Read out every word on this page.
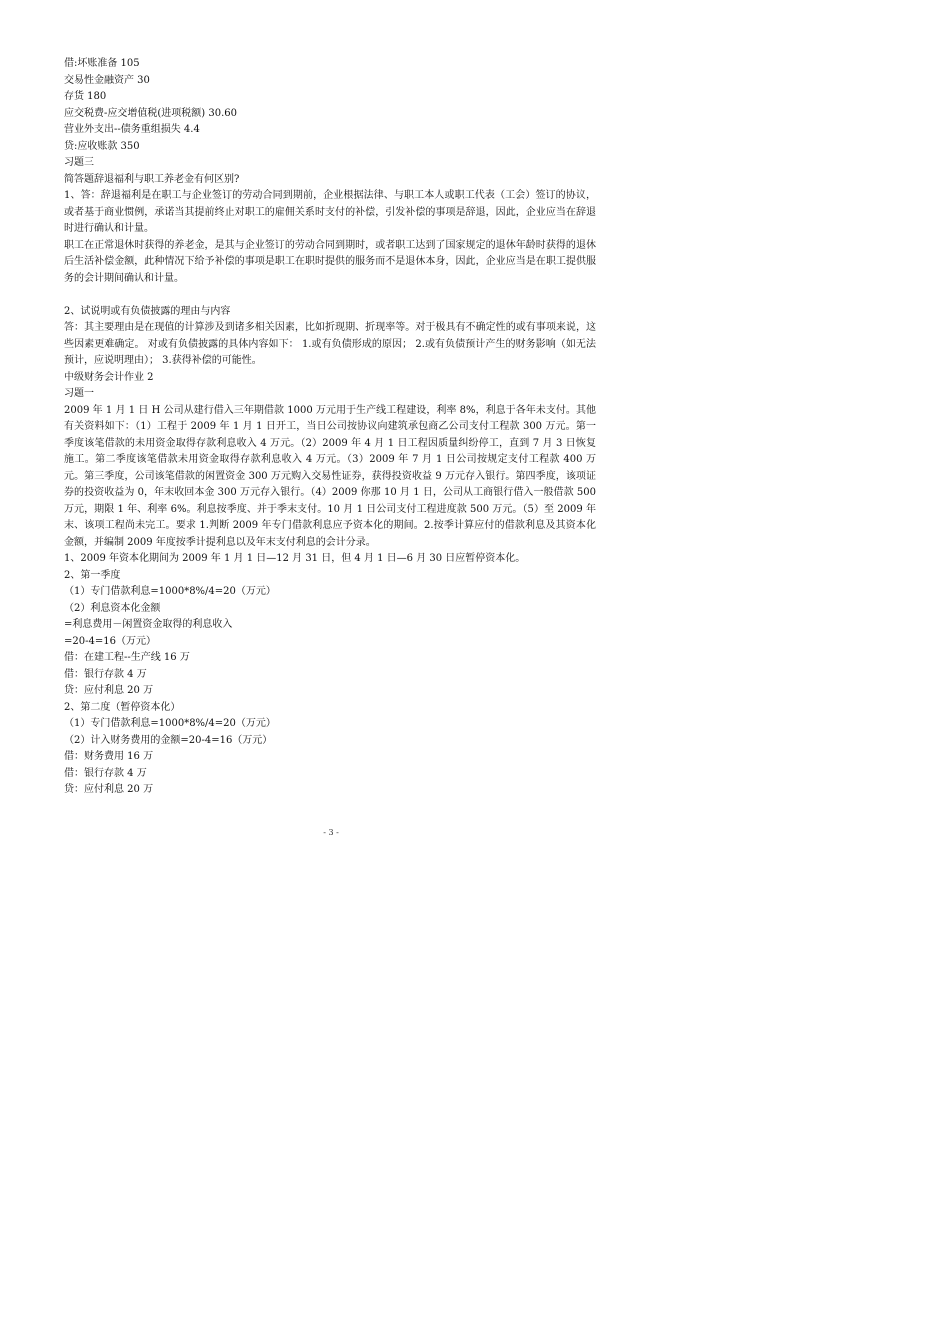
借:坏账准备 105
交易性金融资产 30
存货 180
应交税费-应交增值税(进项税额) 30.60
营业外支出--债务重组损失 4.4
贷:应收账款 350
习题三
简答题辞退福利与职工养老金有何区别?
1、答：辞退福利是在职工与企业签订的劳动合同到期前，企业根据法律、与职工本人或职工代表（工会）签订的协议，或者基于商业惯例，承诺当其提前终止对职工的雇佣关系时支付的补偿，引发补偿的事项是辞退，因此，企业应当在辞退时进行确认和计量。
职工在正常退休时获得的养老金，是其与企业签订的劳动合同到期时，或者职工达到了国家规定的退休年龄时获得的退休后生活补偿金额，此种情况下给予补偿的事项是职工在职时提供的服务而不是退休本身，因此，企业应当是在职工提供服务的会计期间确认和计量。
2、试说明或有负债披露的理由与内容
答：其主要理由是在现值的计算涉及到诸多相关因素，比如折现期、折现率等。对于极具有不确定性的或有事项来说，这些因素更难确定。 对或有负债披露的具体内容如下： 1.或有负债形成的原因； 2.或有负债预计产生的财务影响（如无法预计，应说明理由）； 3.获得补偿的可能性。
中级财务会计作业 2
习题一
2009 年 1 月 1 日 H 公司从建行借入三年期借款 1000 万元用于生产线工程建设，利率 8%，利息于各年未支付。其他有关资料如下：（1）工程于 2009 年 1 月 1 日开工，当日公司按协议向建筑承包商乙公司支付工程款 300 万元。第一季度该笔借款的未用资金取得存款利息收入 4 万元。（2）2009 年 4 月 1 日工程因质量纠纷停工，直到 7 月 3 日恢复施工。第二季度该笔借款未用资金取得存款利息收入 4 万元。（3）2009 年 7 月 1 日公司按规定支付工程款 400 万元。第三季度，公司该笔借款的闲置资金 300 万元购入交易性证券，获得投资收益 9 万元存入银行。第四季度，该项证券的投资收益为 0，年末收回本金 300 万元存入银行。（4）2009 你那 10 月 1 日，公司从工商银行借入一般借款 500 万元，期限 1 年、利率 6%。利息按季度、并于季末支付。10 月 1 日公司支付工程进度款 500 万元。（5）至 2009 年末、该项工程尚未完工。要求 1.判断 2009 年专门借款利息应予资本化的期间。2.按季计算应付的借款利息及其资本化金额，并编制 2009 年度按季计提利息以及年末支付利息的会计分录。
1、2009 年资本化期间为 2009 年 1 月 1 日—12 月 31 日，但 4 月 1 日—6 月 30 日应暂停资本化。
2、第一季度
（1）专门借款利息=1000*8%/4=20（万元）
（2）利息资本化金额
=利息费用－闲置资金取得的利息收入
=20-4=16（万元）
借：在建工程--生产线 16 万
借：银行存款 4 万
贷：应付利息 20 万
2、第二度（暂停资本化）
（1）专门借款利息=1000*8%/4=20（万元）
（2）计入财务费用的金额=20-4=16（万元）
借：财务费用 16 万
借：银行存款 4 万
贷：应付利息 20 万
- 3 -
